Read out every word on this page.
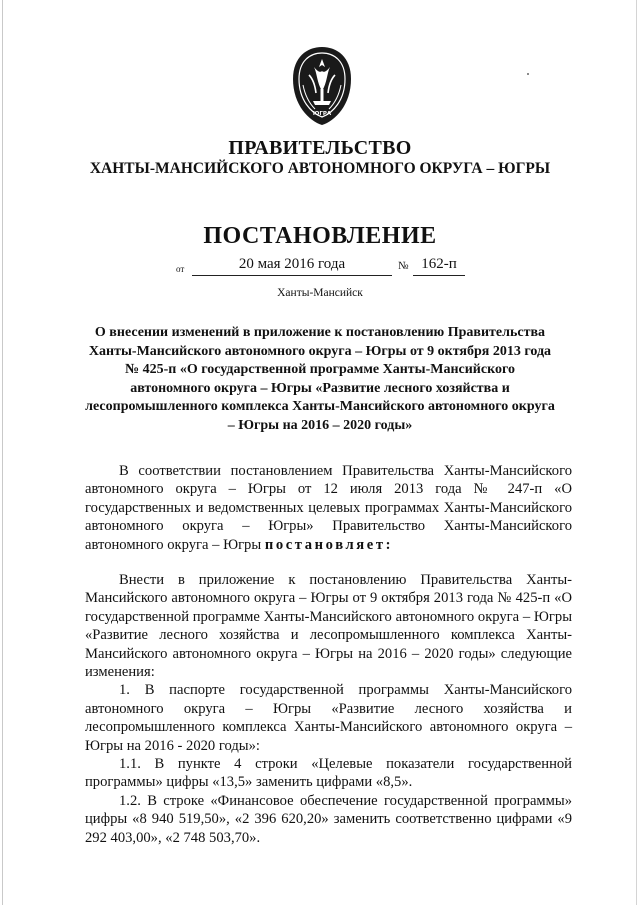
ЮГРА
ПРАВИТЕЛЬСТВО
ХАНТЫ-МАНСИЙСКОГО АВТОНОМНОГО ОКРУГА – ЮГРЫ
ПОСТАНОВЛЕНИЕ
от	20 мая 2016 года	№ 162-п
Ханты-Мансийск
О внесении изменений в приложение к постановлению Правительства Ханты-Мансийского автономного округа – Югры от 9 октября 2013 года № 425-п «О государственной программе Ханты-Мансийского автономного округа – Югры «Развитие лесного хозяйства и лесопромышленного комплекса Ханты-Мансийского автономного округа – Югры на 2016 – 2020 годы»

В соответствии постановлением Правительства Ханты-Мансийского автономного округа – Югры от 12 июля 2013 года № 247-п «О государственных и ведомственных целевых программах Ханты-Мансийского автономного округа – Югры» Правительство Ханты-Мансийского автономного округа – Югры постановляет:

Внести в приложение к постановлению Правительства Ханты-Мансийского автономного округа – Югры от 9 октября 2013 года № 425-п «О государственной программе Ханты-Мансийского автономного округа – Югры «Развитие лесного хозяйства и лесопромышленного комплекса Ханты-Мансийского автономного округа – Югры на 2016 – 2020 годы» следующие изменения:

1. В паспорте государственной программы Ханты-Мансийского автономного округа – Югры «Развитие лесного хозяйства и лесопромышленного комплекса Ханты-Мансийского автономного округа – Югры на 2016 - 2020 годы»:

1.1. В пункте 4 строки «Целевые показатели государственной программы» цифры «13,5» заменить цифрами «8,5».

1.2. В строке «Финансовое обеспечение государственной программы» цифры «8 940 519,50», «2 396 620,20» заменить соответственно цифрами «9 292 403,00», «2 748 503,70».
